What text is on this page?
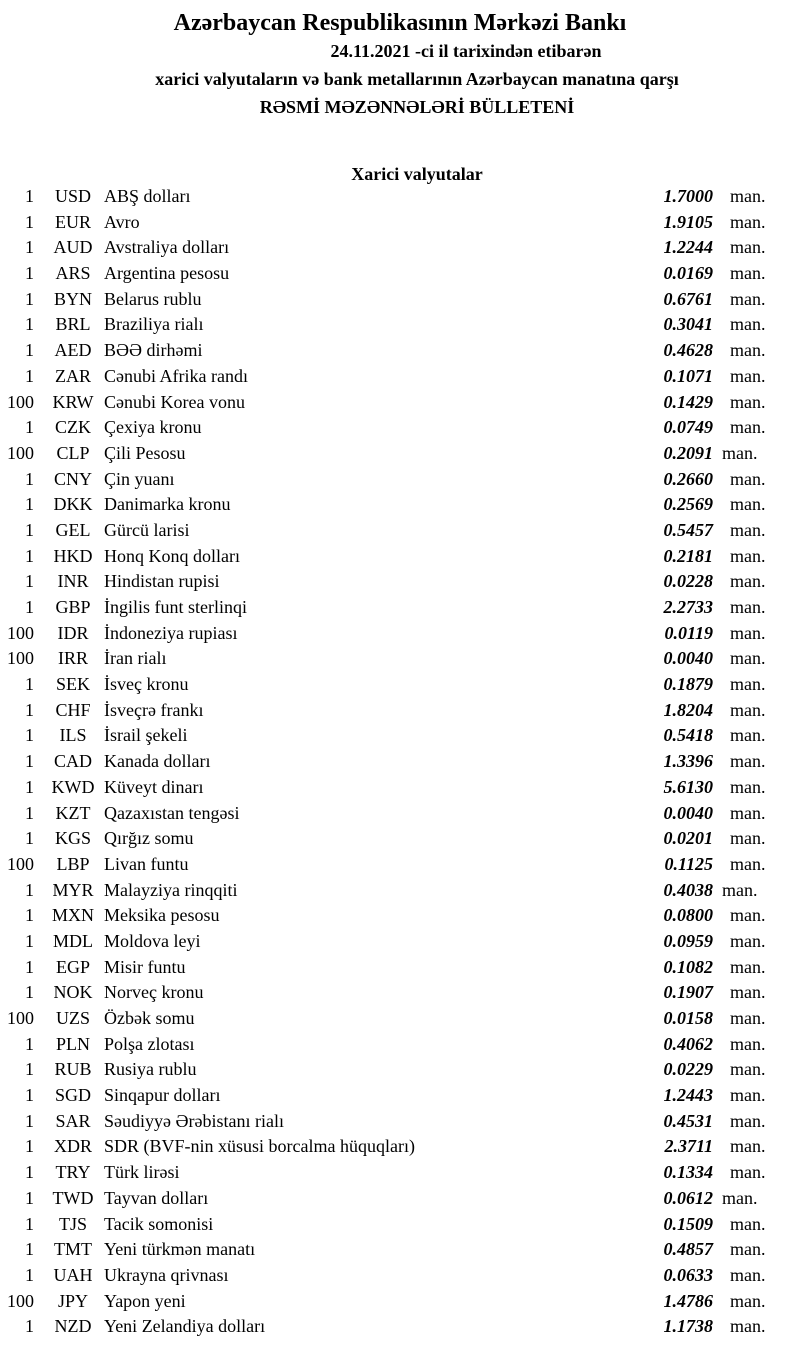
Azərbaycan Respublikasının Mərkəzi Bankı
24.11.2021 -ci il tarixindən etibarən
xarici valyutaların və bank metallarının Azərbaycan manatına qarşı
RƏSMİ MƏZƏNNƏLƏRİ BÜLLETENİ
Xarici valyutalar
1	USD ABŞ dolları	1.7000 man.
1	EUR Avro	1.9105 man.
1	AUD Avstraliya dolları	1.2244 man.
1	ARS Argentina pesosu	0.0169 man.
1	BYN Belarus rublu	0.6761 man.
1	BRL Braziliya rialı	0.3041 man.
1	AED BƏƏ dirhəmi	0.4628 man.
1	ZAR Cənubi Afrika randı	0.1071 man.
100	KRW Cənubi Korea vonu	0.1429 man.
1	CZK Çexiya kronu	0.0749 man.
100	CLP Çili Pesosu	0.2091 man.
1	CNY Çin yuanı	0.2660 man.
1	DKK Danimarka kronu	0.2569 man.
1	GEL Gürcü larisi	0.5457 man.
1	HKD Honq Konq dolları	0.2181 man.
1	INR Hindistan rupisi	0.0228 man.
1	GBP İngilis funt sterlinqi	2.2733 man.
100	IDR İndoneziya rupiası	0.0119 man.
100	IRR İran rialı	0.0040 man.
1	SEK İsveç kronu	0.1879 man.
1	CHF İsveçrə frankı	1.8204 man.
1	ILS İsrail şekeli	0.5418 man.
1	CAD Kanada dolları	1.3396 man.
1 KWD Küveyt dinarı	5.6130 man.
1	KZT Qazaxıstan tengəsi	0.0040 man.
1	KGS Qırğız somu	0.0201 man.
100	LBP Livan funtu	0.1125 man.
1	MYR Malayziya rinqqiti	0.4038 man.
1 MXN Meksika pesosu	0.0800 man.
1	MDL Moldova leyi	0.0959 man.
1	EGP Misir funtu	0.1082 man.
1	NOK Norveç kronu	0.1907 man.
100	UZS Özbək somu	0.0158 man.
1	PLN Polşa zlotası	0.4062 man.
1	RUB Rusiya rublu	0.0229 man.
1	SGD Sinqapur dolları	1.2443 man.
1	SAR Səudiyyə Ərəbistanı rialı	0.4531 man.
1	XDR SDR (BVF-nin xüsusi borcalma hüquqları)	2.3711 man.
1	TRY Türk lirəsi	0.1334 man.
1	TWD Tayvan dolları	0.0612 man.
1	TJS Tacik somonisi	0.1509 man.
1	TMT Yeni türkmən manatı	0.4857 man.
1	UAH Ukrayna qrivnası	0.0633 man.
100	JPY Yapon yeni	1.4786 man.
1	NZD Yeni Zelandiya dolları	1.1738 man.
